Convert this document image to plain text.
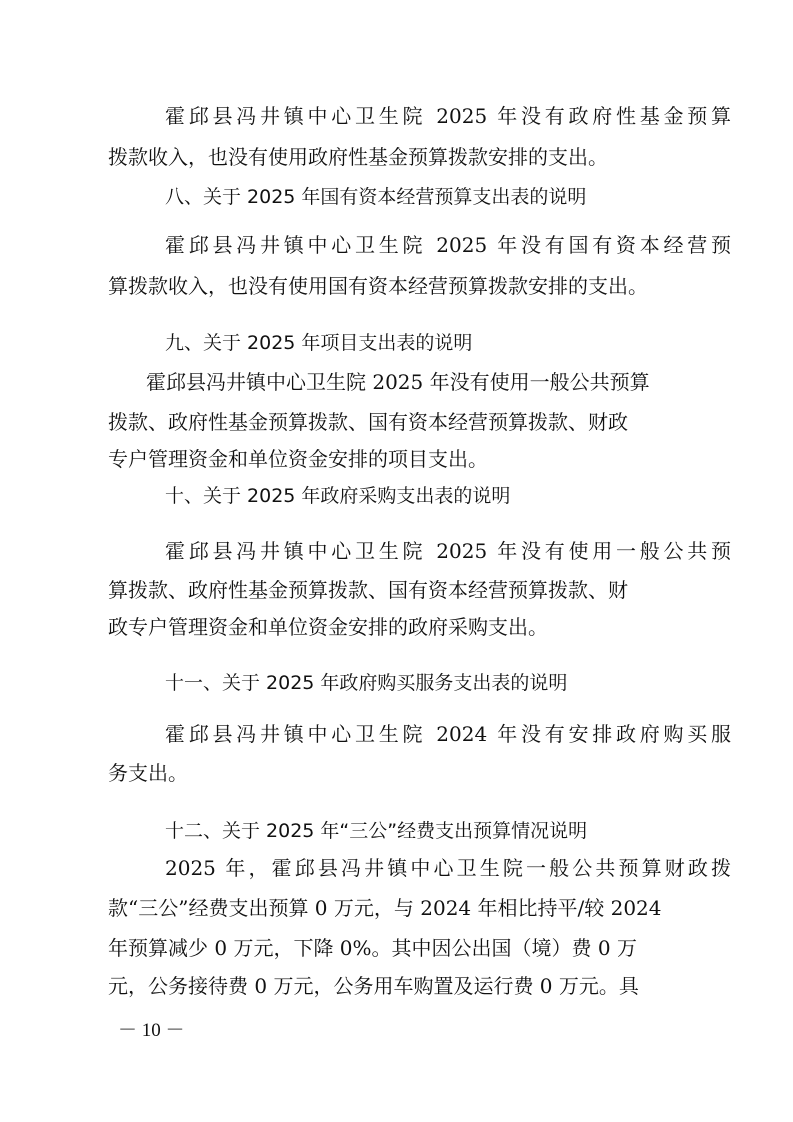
霍邱县冯井镇中心卫生院 2025 年没有政府性基金预算
拨款收入，也没有使用政府性基金预算拨款安排的支出。
八、关于 2025 年国有资本经营预算支出表的说明
霍邱县冯井镇中心卫生院 2025 年没有国有资本经营预
算拨款收入，也没有使用国有资本经营预算拨款安排的支出。
九、关于 2025 年项目支出表的说明
霍邱县冯井镇中心卫生院 2025 年没有使用一般公共预算
拨款、政府性基金预算拨款、国有资本经营预算拨款、财政
专户管理资金和单位资金安排的项目支出。
十、关于 2025 年政府采购支出表的说明
霍邱县冯井镇中心卫生院 2025 年没有使用一般公共预
算拨款、政府性基金预算拨款、国有资本经营预算拨款、财
政专户管理资金和单位资金安排的政府采购支出。
十一、关于 2025 年政府购买服务支出表的说明
霍邱县冯井镇中心卫生院 2024 年没有安排政府购买服
务支出。
十二、关于 2025 年“三公”经费支出预算情况说明
2025 年，霍邱县冯井镇中心卫生院一般公共预算财政拨
款“三公”经费支出预算 0 万元，与 2024 年相比持平/较 2024
年预算减少 0 万元，下降 0%。其中因公出国（境）费 0 万
元，公务接待费 0 万元，公务用车购置及运行费 0 万元。具
－ 10 －
